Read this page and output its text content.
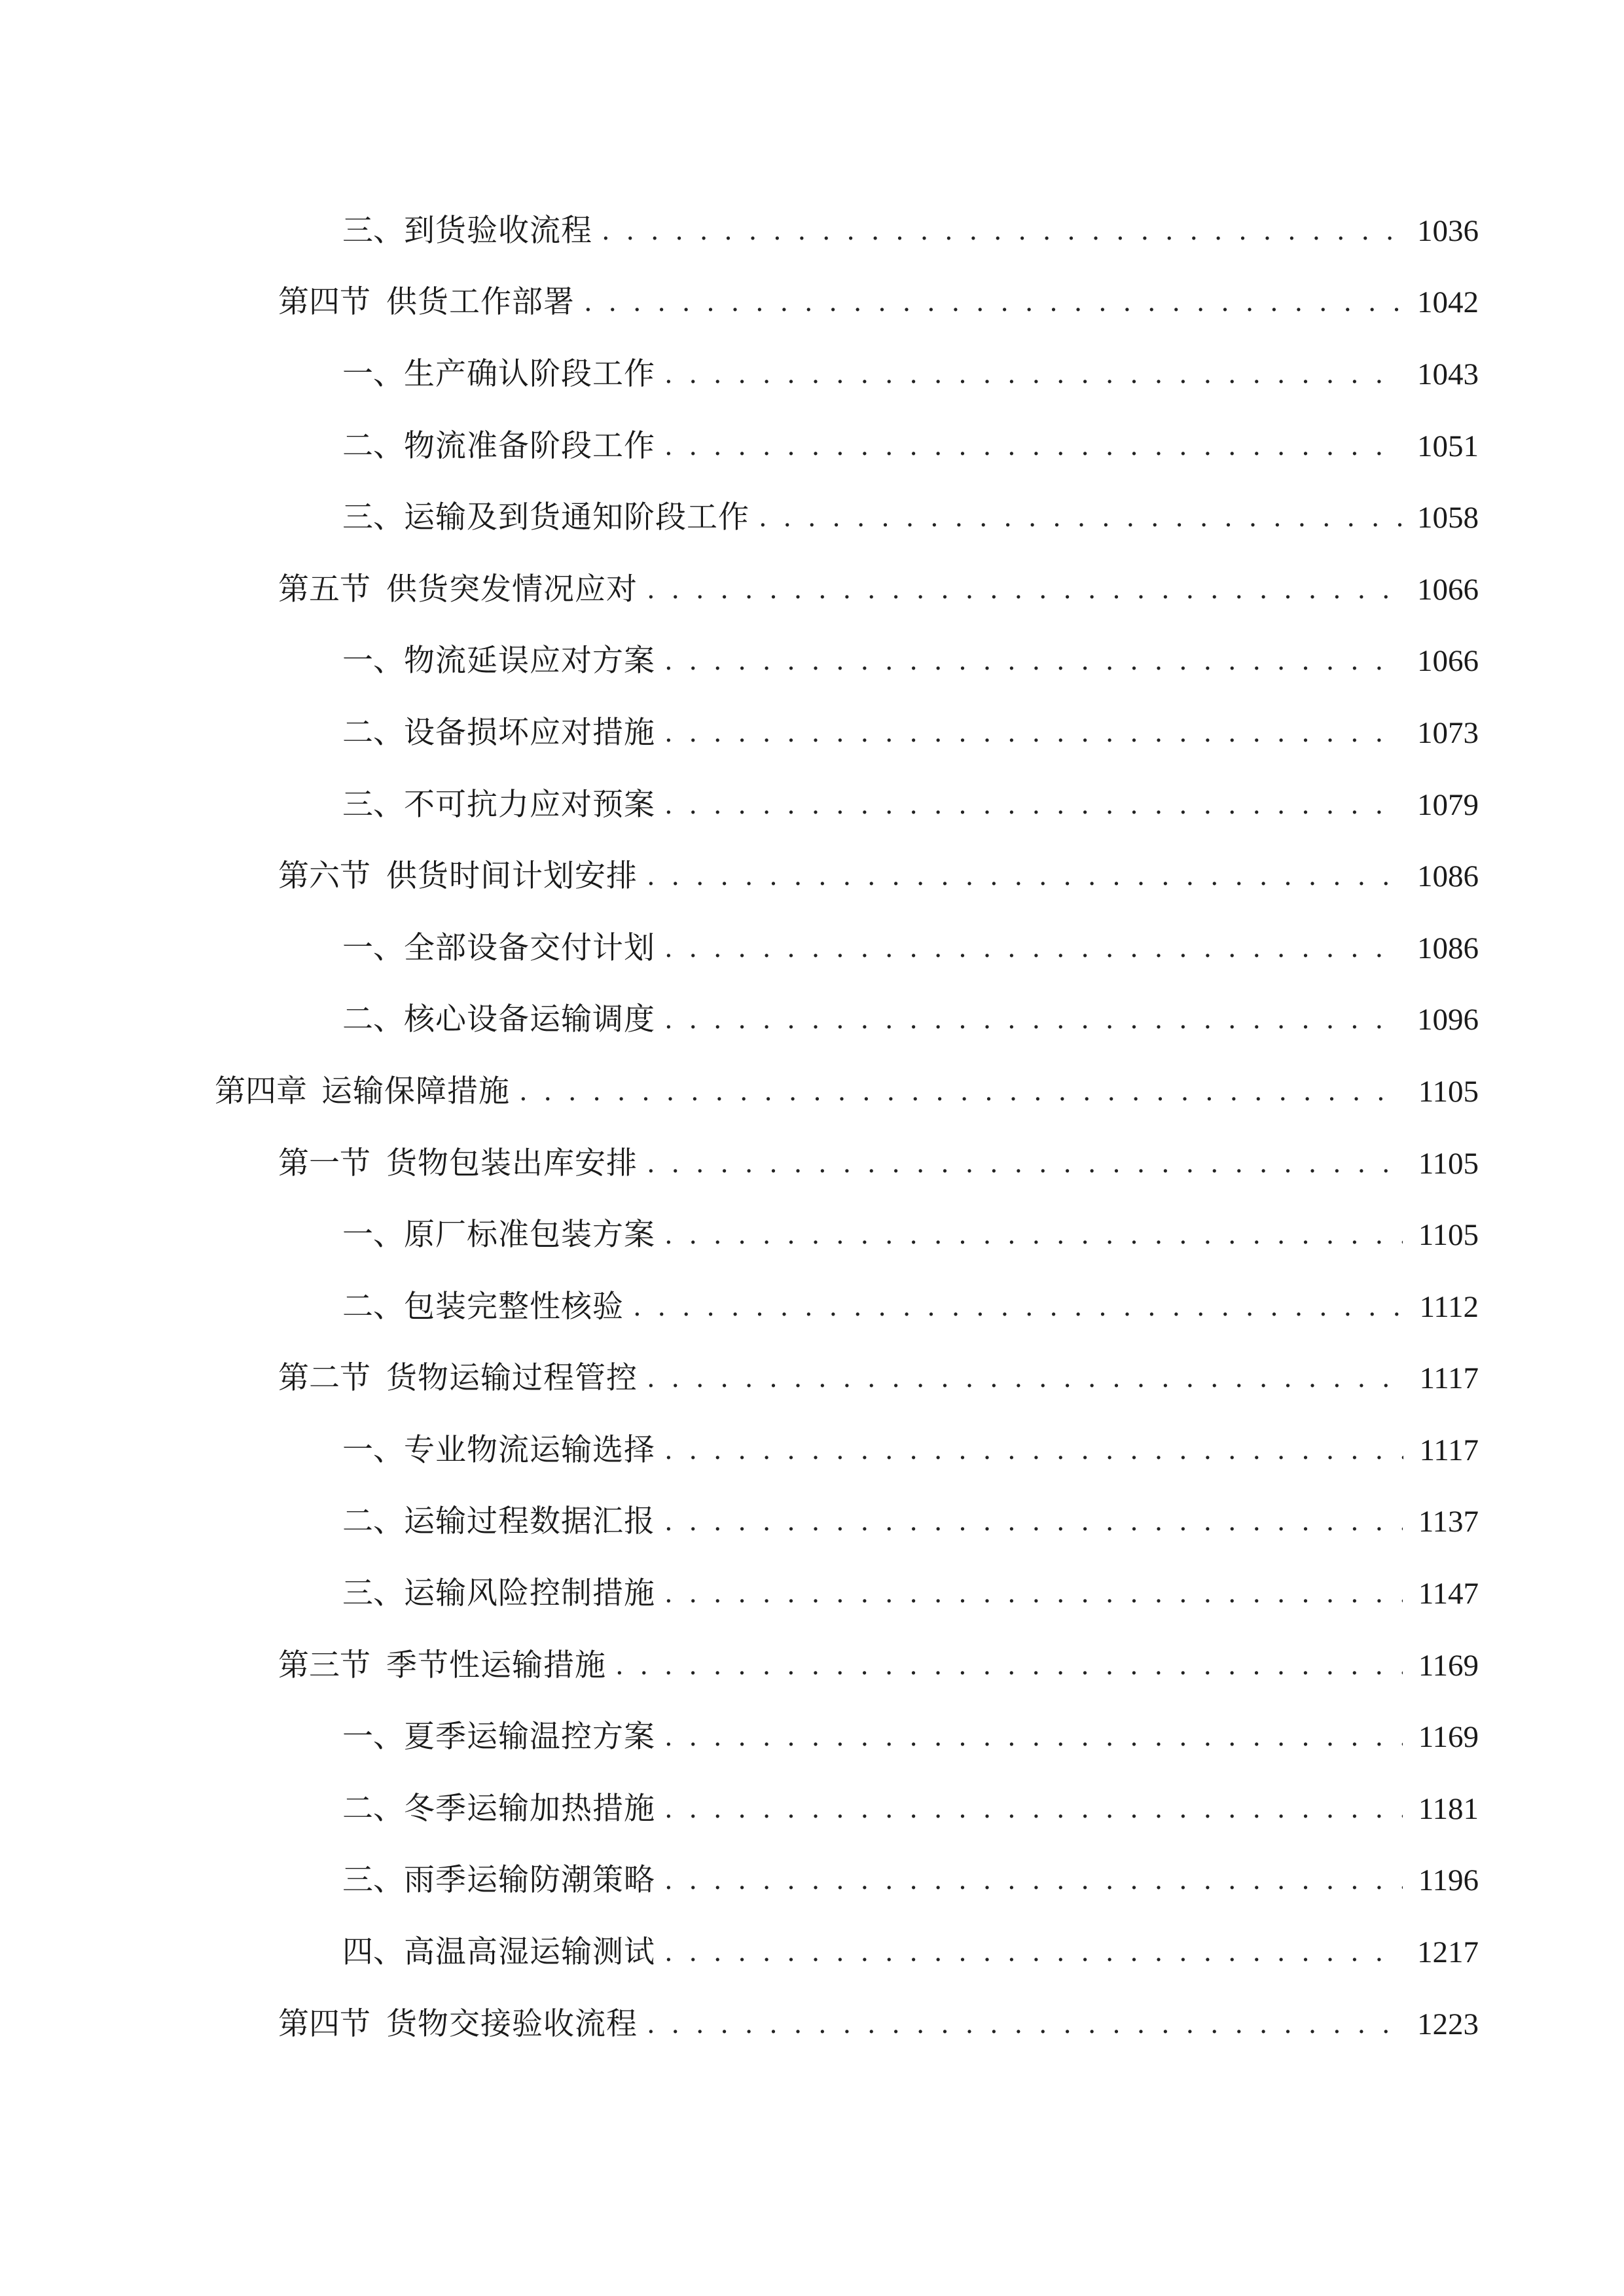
三、 到货验收流程 . . .	1036
第四节 供货工作部署 . . .	1042
一、 生产确认阶段工作 . . .	1043
二、 物流准备阶段工作 . . .	1051
三、 运输及到货通知阶段工作 . . .	1058
第五节 供货突发情况应对 . . .	1066
一、 物流延误应对方案 . . .	1066
二、 设备损坏应对措施 . . .	1073
三、 不可抗力应对预案 . . .	1079
第六节 供货时间计划安排 . . .	1086
一、 全部设备交付计划 . . .	1086
二、 核心设备运输调度 . . .	1096
第四章 运输保障措施 . . .	1105
第一节 货物包装出库安排 . . .	1105
一、 原厂标准包装方案 . . .	1105
二、 包装完整性核验 . . .	1112
第二节 货物运输过程管控 . . .	1117
一、 专业物流运输选择 . . .	1117
二、 运输过程数据汇报 . . .	1137
三、 运输风险控制措施 . . .	1147
第三节 季节性运输措施 . . .	1169
一、 夏季运输温控方案 . . .	1169
二、 冬季运输加热措施 . . .	1181
三、 雨季运输防潮策略 . . .	1196
四、 高温高湿运输测试 . . .	1217
第四节 货物交接验收流程 . . .	1223
